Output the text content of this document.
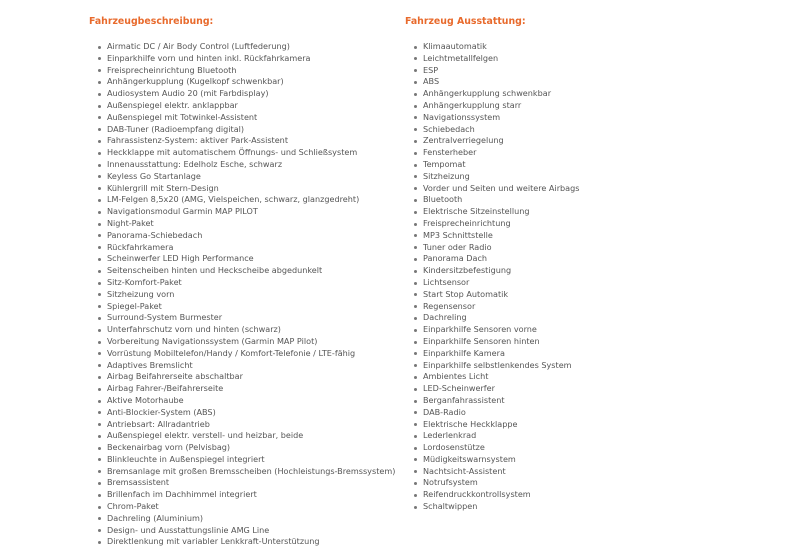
Fahrzeugbeschreibung:
Airmatic DC / Air Body Control (Luftfederung)
Einparkhilfe vorn und hinten inkl. Rückfahrkamera
Freisprecheinrichtung Bluetooth
Anhängerkupplung (Kugelkopf schwenkbar)
Audiosystem Audio 20 (mit Farbdisplay)
Außenspiegel elektr. anklappbar
Außenspiegel mit Totwinkel-Assistent
DAB-Tuner (Radioempfang digital)
Fahrassistenz-System: aktiver Park-Assistent
Heckklappe mit automatischem Öffnungs- und Schließsystem
Innenausstattung: Edelholz Esche, schwarz
Keyless Go Startanlage
Kühlergrill mit Stern-Design
LM-Felgen 8,5x20 (AMG, Vielspeichen, schwarz, glanzgedreht)
Navigationsmodul Garmin MAP PILOT
Night-Paket
Panorama-Schiebedach
Rückfahrkamera
Scheinwerfer LED High Performance
Seitenscheiben hinten und Heckscheibe abgedunkelt
Sitz-Komfort-Paket
Sitzheizung vorn
Spiegel-Paket
Surround-System Burmester
Unterfahrschutz vorn und hinten (schwarz)
Vorbereitung Navigationssystem (Garmin MAP Pilot)
Vorrüstung Mobiltelefon/Handy / Komfort-Telefonie / LTE-fähig
Adaptives Bremslicht
Airbag Beifahrerseite abschaltbar
Airbag Fahrer-/Beifahrerseite
Aktive Motorhaube
Anti-Blockier-System (ABS)
Antriebsart: Allradantrieb
Außenspiegel elektr. verstell- und heizbar, beide
Beckenairbag vorn (Pelvisbag)
Blinkleuchte in Außenspiegel integriert
Bremsanlage mit großen Bremsscheiben (Hochleistungs-Bremssystem)
Bremsassistent
Brillenfach im Dachhimmel integriert
Chrom-Paket
Dachreling (Aluminium)
Design- und Ausstattungslinie AMG Line
Direktlenkung mit variabler Lenkkraft-Unterstützung
Fahrzeug Ausstattung:
Klimaautomatik
Leichtmetallfelgen
ESP
ABS
Anhängerkupplung schwenkbar
Anhängerkupplung starr
Navigationssystem
Schiebedach
Zentralverriegelung
Fensterheber
Tempomat
Sitzheizung
Vorder und Seiten und weitere Airbags
Bluetooth
Elektrische Sitzeinstellung
Freisprecheinrichtung
MP3 Schnittstelle
Tuner oder Radio
Panorama Dach
Kindersitzbefestigung
Lichtsensor
Start Stop Automatik
Regensensor
Dachreling
Einparkhilfe Sensoren vorne
Einparkhilfe Sensoren hinten
Einparkhilfe Kamera
Einparkhilfe selbstlenkendes System
Ambientes Licht
LED-Scheinwerfer
Berganfahrassistent
DAB-Radio
Elektrische Heckklappe
Lederlenkrad
Lordosenstütze
Müdigkeitswarnsystem
Nachtsicht-Assistent
Notrufsystem
Reifendruckkontrollsystem
Schaltwippen
